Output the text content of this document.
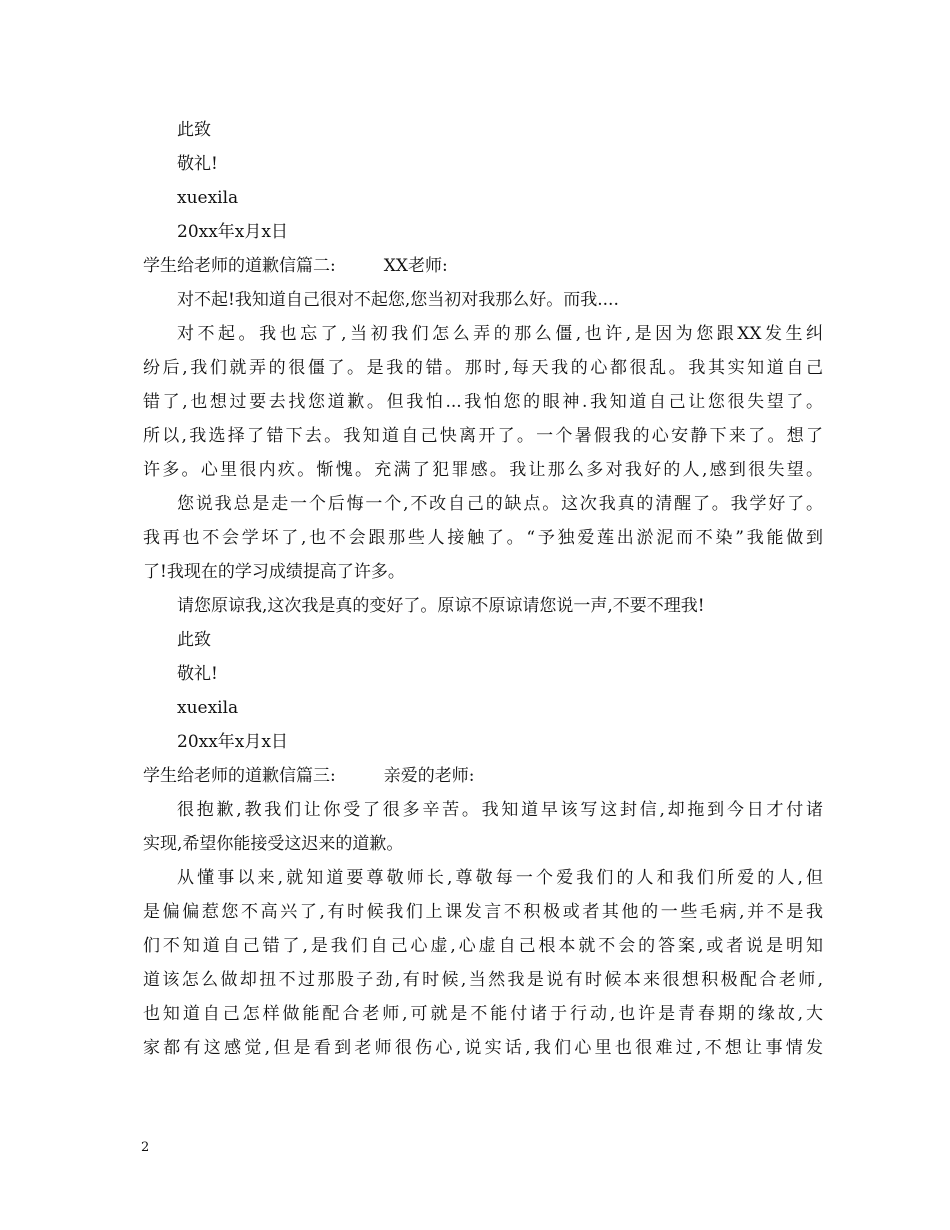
此致
敬礼!
xuexila
20xx年x月x日
学生给老师的道歉信篇二:	XX老师:
对不起!我知道自己很对不起您,您当初对我那么好。而我....
对不起。我也忘了,当初我们怎么弄的那么僵,也许,是因为您跟XX发生纠
纷后,我们就弄的很僵了。是我的错。那时,每天我的心都很乱。我其实知道自己
错了,也想过要去找您道歉。但我怕...我怕您的眼神.我知道自己让您很失望了。
所以,我选择了错下去。我知道自己快离开了。一个暑假我的心安静下来了。想了
许多。心里很内疚。惭愧。充满了犯罪感。我让那么多对我好的人,感到很失望。
您说我总是走一个后悔一个,不改自己的缺点。这次我真的清醒了。我学好了。
我再也不会学坏了,也不会跟那些人接触了。“予独爱莲出淤泥而不染”我能做到
了!我现在的学习成绩提高了许多。
请您原谅我,这次我是真的变好了。原谅不原谅请您说一声,不要不理我!
此致
敬礼!
xuexila
20xx年x月x日
学生给老师的道歉信篇三:	亲爱的老师:
很抱歉,教我们让你受了很多辛苦。我知道早该写这封信,却拖到今日才付诸
实现,希望你能接受这迟来的道歉。
从懂事以来,就知道要尊敬师长,尊敬每一个爱我们的人和我们所爱的人,但
是偏偏惹您不高兴了,有时候我们上课发言不积极或者其他的一些毛病,并不是我
们不知道自己错了,是我们自己心虚,心虚自己根本就不会的答案,或者说是明知
道该怎么做却扭不过那股子劲,有时候,当然我是说有时候本来很想积极配合老师,
也知道自己怎样做能配合老师,可就是不能付诸于行动,也许是青春期的缘故,大
家都有这感觉,但是看到老师很伤心,说实话,我们心里也很难过,不想让事情发
2
